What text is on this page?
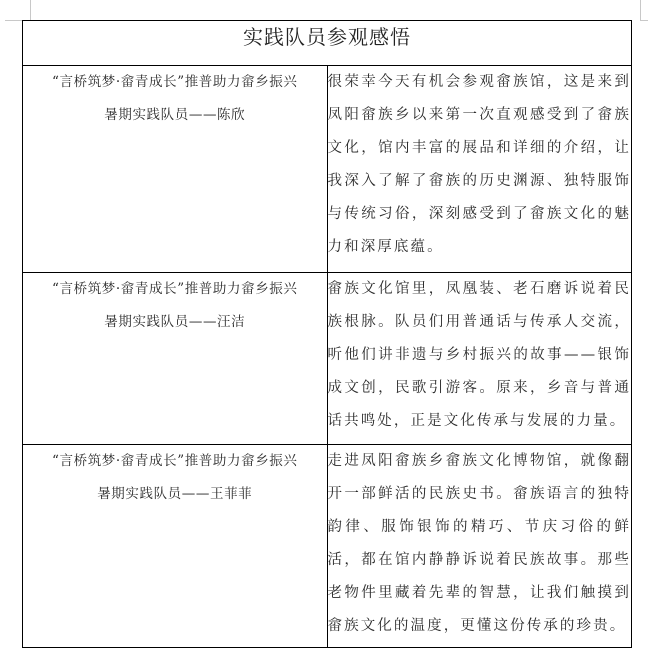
实践队员参观感悟	

“言桥筑梦·畲青成长”推普助力畲乡振兴
暑期实践队员——陈欣	很荣幸今天有机会参观畲族馆，这是来到凤阳畲族乡以来第一次直观感受到了畲族文化，馆内丰富的展品和详细的介绍，让我深入了解了畲族的历史渊源、独特服饰与传统习俗，深刻感受到了畲族文化的魅力和深厚底蕴。

“言桥筑梦·畲青成长”推普助力畲乡振兴
暑期实践队员——汪洁	畲族文化馆里，凤凰装、老石磨诉说着民族根脉。队员们用普通话与传承人交流，听他们讲非遗与乡村振兴的故事——银饰成文创，民歌引游客。原来，乡音与普通话共鸣处，正是文化传承与发展的力量。

“言桥筑梦·畲青成长”推普助力畲乡振兴
暑期实践队员——王菲菲	走进凤阳畲族乡畲族文化博物馆，就像翻开一部鲜活的民族史书。畲族语言的独特韵律、服饰银饰的精巧、节庆习俗的鲜活，都在馆内静静诉说着民族故事。那些老物件里藏着先辈的智慧，让我们触摸到畲族文化的温度，更懂这份传承的珍贵。
